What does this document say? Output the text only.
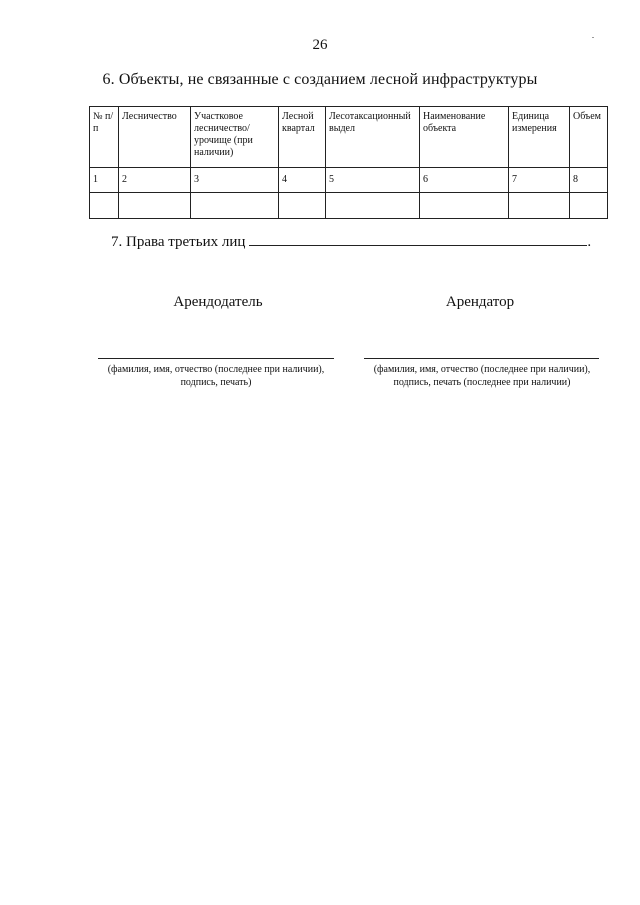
26
6. Объекты, не связанные с созданием лесной инфраструктуры
№ п/п	Лесничество	Участковое лесничество/ урочище (при наличии)	Лесной квартал	Лесотаксационный выдел	Наименование объекта	Единица измерения	Объем
1	2	3	4	5	6	7	8

7. Права третьих лиц	.
Арендодатель	Арендатор
(фамилия, имя, отчество (последнее при наличии),
подпись, печать)
(фамилия, имя, отчество (последнее при наличии),
подпись, печать (последнее при наличии)
